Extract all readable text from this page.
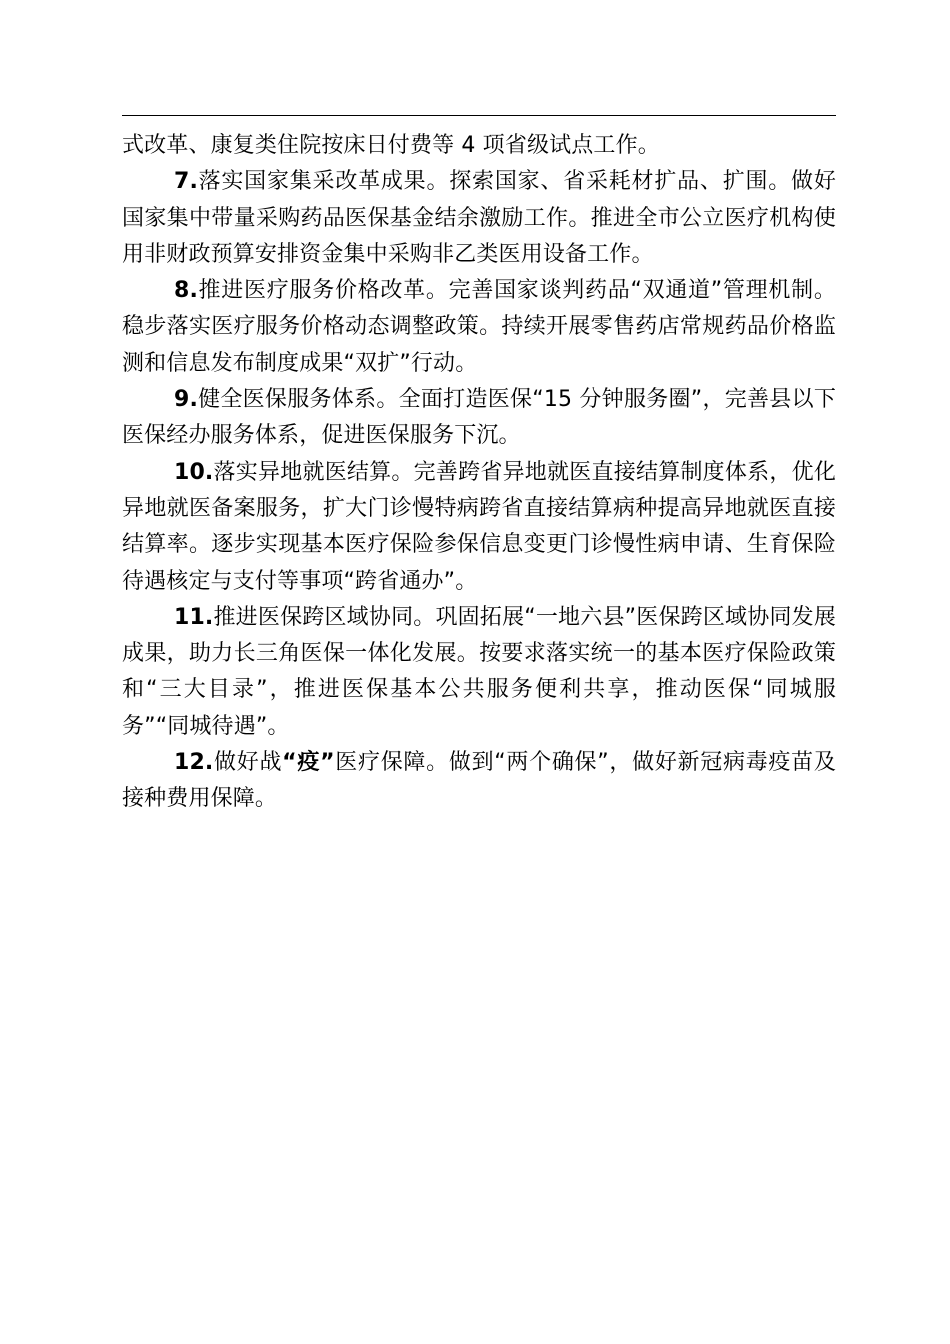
式改革、康复类住院按床日付费等 4 项省级试点工作。

7.落实国家集采改革成果。探索国家、省采耗材扩品、扩围。做好国家集中带量采购药品医保基金结余激励工作。推进全市公立医疗机构使用非财政预算安排资金集中采购非乙类医用设备工作。

8.推进医疗服务价格改革。完善国家谈判药品“双通道”管理机制。稳步落实医疗服务价格动态调整政策。持续开展零售药店常规药品价格监测和信息发布制度成果“双扩”行动。

9.健全医保服务体系。全面打造医保“15 分钟服务圈”，完善县以下医保经办服务体系，促进医保服务下沉。

10.落实异地就医结算。完善跨省异地就医直接结算制度体系，优化异地就医备案服务，扩大门诊慢特病跨省直接结算病种提高异地就医直接结算率。逐步实现基本医疗保险参保信息变更门诊慢性病申请、生育保险待遇核定与支付等事项“跨省通办”。

11.推进医保跨区域协同。巩固拓展“一地六县”医保跨区域协同发展成果，助力长三角医保一体化发展。按要求落实统一的基本医疗保险政策和“三大目录”，推进医保基本公共服务便利共享，推动医保“同城服务”“同城待遇”。

12.做好战“疫”医疗保障。做到“两个确保”，做好新冠病毒疫苗及接种费用保障。
